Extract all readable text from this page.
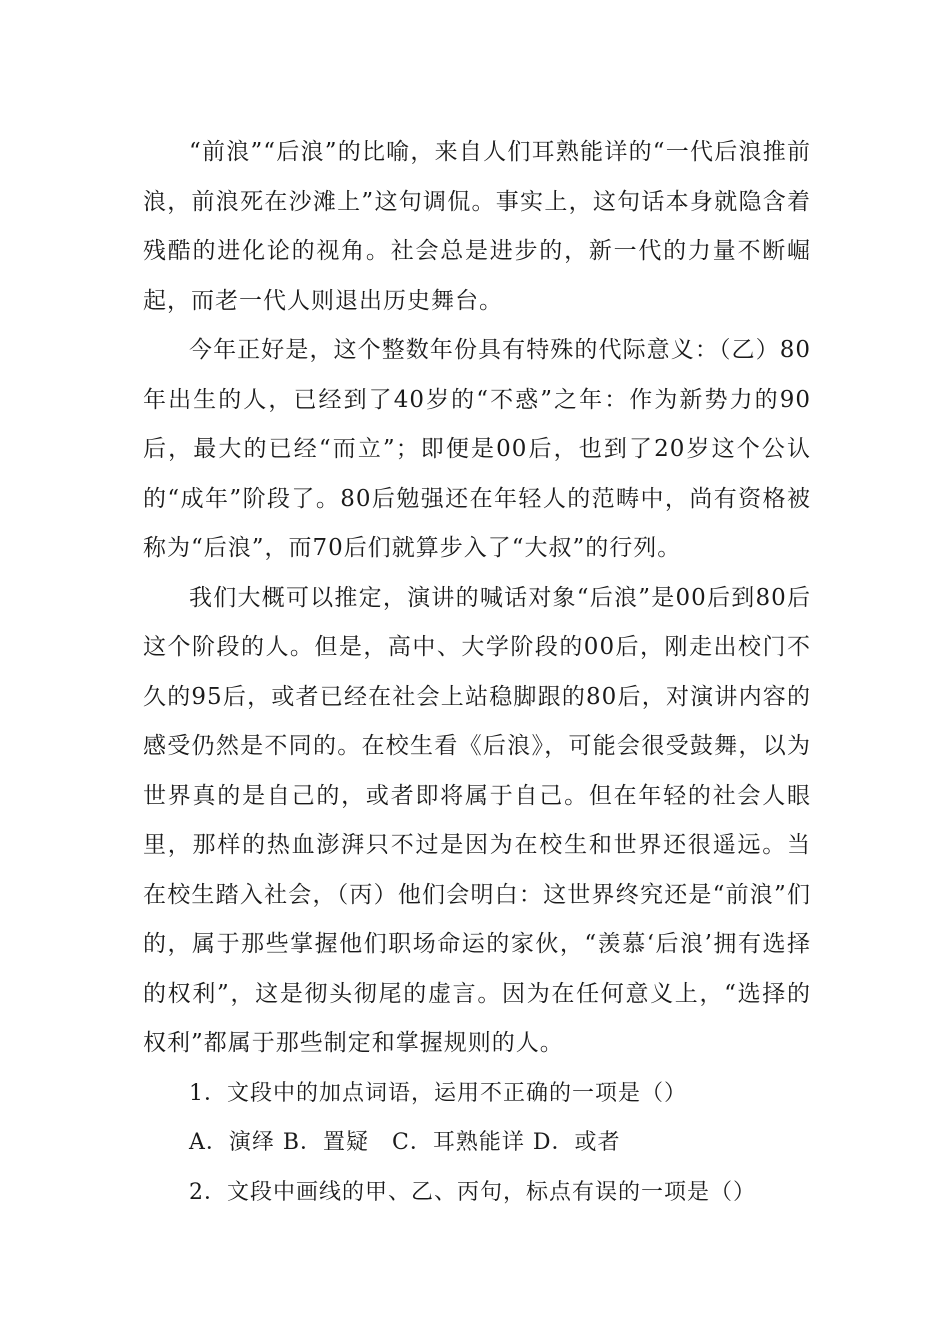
“前浪”“后浪”的比喻，来自人们耳熟能详的“一代后浪推前浪，前浪死在沙滩上”这句调侃。事实上，这句话本身就隐含着残酷的进化论的视角。社会总是进步的，新一代的力量不断崛起，而老一代人则退出历史舞台。

今年正好是，这个整数年份具有特殊的代际意义：（乙）80年出生的人，已经到了40岁的“不惑”之年：作为新势力的90后，最大的已经“而立”；即便是00后，也到了20岁这个公认的“成年”阶段了。80后勉强还在年轻人的范畴中，尚有资格被称为“后浪”，而70后们就算步入了“大叔”的行列。

我们大概可以推定，演讲的喊话对象“后浪”是00后到80后这个阶段的人。但是，高中、大学阶段的00后，刚走出校门不久的95后，或者已经在社会上站稳脚跟的80后，对演讲内容的感受仍然是不同的。在校生看《后浪》，可能会很受鼓舞，以为世界真的是自己的，或者即将属于自己。但在年轻的社会人眼里，那样的热血澎湃只不过是因为在校生和世界还很遥远。当在校生踏入社会，（丙）他们会明白：这世界终究还是“前浪”们的，属于那些掌握他们职场命运的家伙，“羡慕‘后浪’拥有选择的权利”，这是彻头彻尾的虚言。因为在任何意义上，“选择的权利”都属于那些制定和掌握规则的人。

1．文段中的加点词语，运用不正确的一项是（）

A．演绎 B．置疑　C．耳熟能详 D．或者

2．文段中画线的甲、乙、丙句，标点有误的一项是（）
